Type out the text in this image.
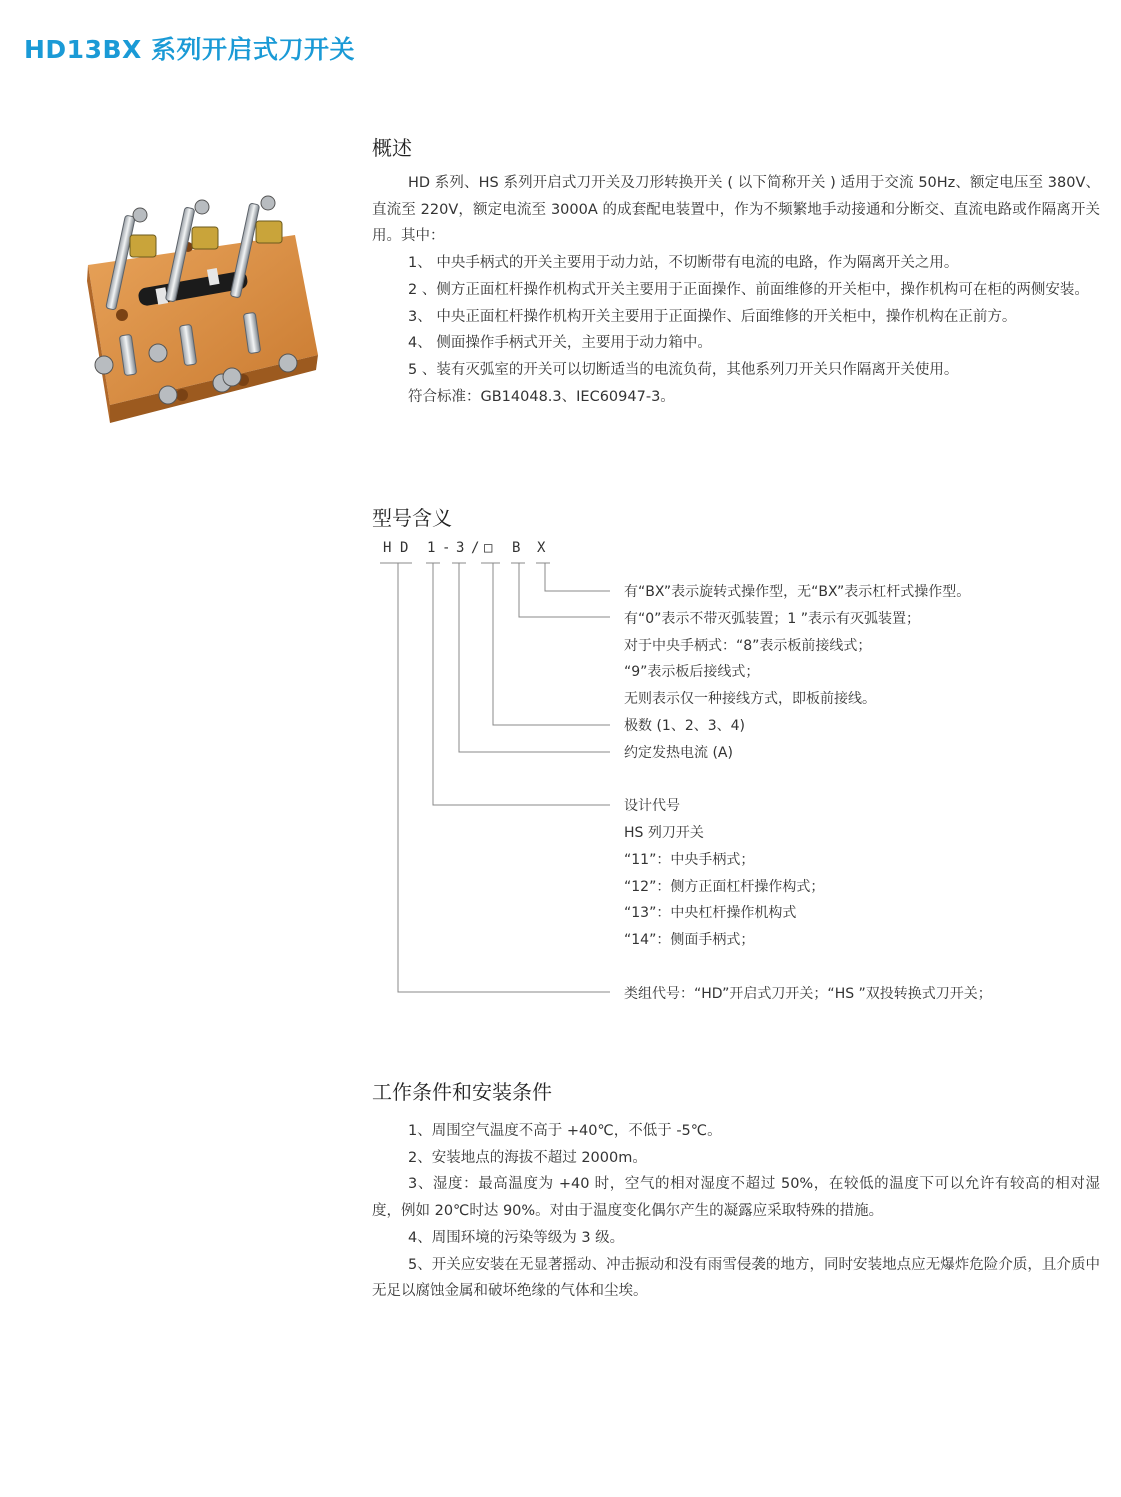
HD13BX 系列开启式刀开关
概述

HD 系列、HS 系列开启式刀开关及刀形转换开关 ( 以下简称开关 ) 适用于交流 50Hz、额定电压至 380V、直流至 220V，额定电流至 3000A 的成套配电装置中，作为不频繁地手动接通和分断交、直流电路或作隔离开关用。其中：

1、 中央手柄式的开关主要用于动力站，不切断带有电流的电路，作为隔离开关之用。

2 、侧方正面杠杆操作机构式开关主要用于正面操作、前面维修的开关柜中，操作机构可在柜的两侧安装。

3、 中央正面杠杆操作机构开关主要用于正面操作、后面维修的开关柜中，操作机构在正前方。

4、 侧面操作手柄式开关，主要用于动力箱中。

5 、装有灭弧室的开关可以切断适当的电流负荷，其他系列刀开关只作隔离开关使用。

符合标准：GB14048.3、IEC60947-3。

型号含义
H D 1 - 3 / □ B X
有“BX”表示旋转式操作型，无“BX”表示杠杆式操作型。
有“0”表示不带灭弧装置；1 ”表示有灭弧装置；
对于中央手柄式：“8”表示板前接线式；
“9”表示板后接线式；
无则表示仅一种接线方式，即板前接线。
极数 (1、2、3、4)
约定发热电流 (A)
设计代号
HS 列刀开关
“11”：中央手柄式；
“12”：侧方正面杠杆操作构式；
“13”：中央杠杆操作机构式
“14”：侧面手柄式；
类组代号：“HD”开启式刀开关；“HS ”双投转换式刀开关；
工作条件和安装条件

1、周围空气温度不高于 +40℃，不低于 -5℃。

2、安装地点的海拔不超过 2000m。

3、湿度：最高温度为 +40 时，空气的相对湿度不超过 50%，在较低的温度下可以允许有较高的相对湿度，例如 20℃时达 90%。对由于温度变化偶尔产生的凝露应采取特殊的措施。

4、周围环境的污染等级为 3 级。

5、开关应安装在无显著摇动、冲击振动和没有雨雪侵袭的地方，同时安装地点应无爆炸危险介质，且介质中无足以腐蚀金属和破坏绝缘的气体和尘埃。
